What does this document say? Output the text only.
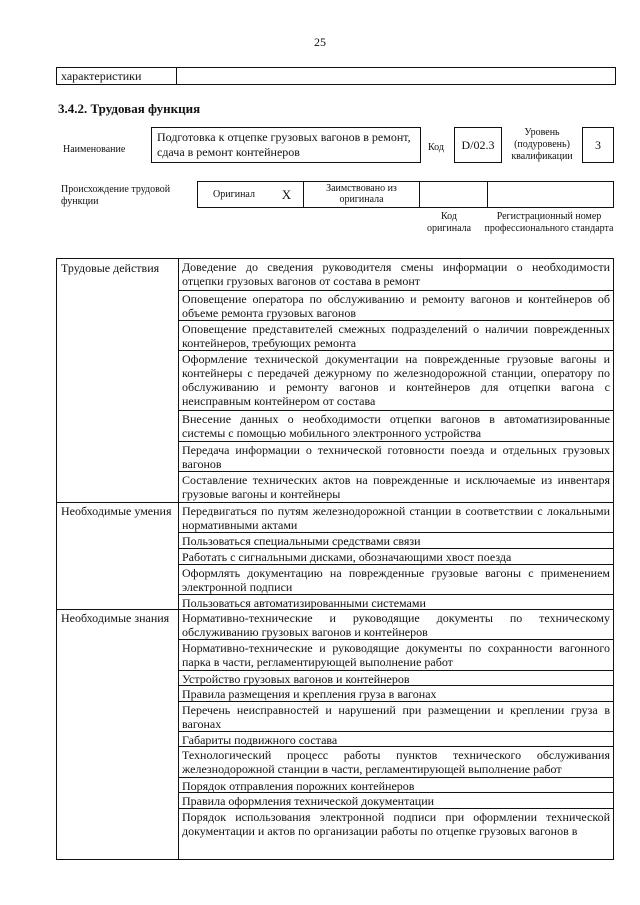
25
характеристики
3.4.2. Трудовая функция
Наименование
Подготовка к отцепке грузовых вагонов в ремонт, сдача в ремонт контейнеров	Код	D/02.3
Уровень (подуровень) квалификации
3
Происхождение трудовой функции
Оригинал	X	Заимствовано из оригинала
Код оригинала
Регистрационный номер профессионального стандарта
Трудовые действия	Доведение до сведения руководителя смены информации о необходимости отцепки грузовых вагонов от состава в ремонт
Оповещение оператора по обслуживанию и ремонту вагонов и контейнеров об объеме ремонта грузовых вагонов
Оповещение представителей смежных подразделений о наличии поврежденных контейнеров, требующих ремонта
Оформление технической документации на поврежденные грузовые вагоны и контейнеры с передачей дежурному по железнодорожной станции, оператору по обслуживанию и ремонту вагонов и контейнеров для отцепки вагона с неисправным контейнером от состава
Внесение данных о необходимости отцепки вагонов в автоматизированные системы с помощью мобильного электронного устройства
Передача информации о технической готовности поезда и отдельных грузовых вагонов
Составление технических актов на поврежденные и исключаемые из инвентаря грузовые вагоны и контейнеры
Необходимые умения Передвигаться по путям железнодорожной станции в соответствии с локальными нормативными актами
Пользоваться специальными средствами связи
Работать с сигнальными дисками, обозначающими хвост поезда
Оформлять документацию на поврежденные грузовые вагоны с применением электронной подписи
Пользоваться автоматизированными системами
Необходимые знания	Нормативно-технические и руководящие документы по техническому обслуживанию грузовых вагонов и контейнеров
Нормативно-технические и руководящие документы по сохранности вагонного парка в части, регламентирующей выполнение работ
Устройство грузовых вагонов и контейнеров
Правила размещения и крепления груза в вагонах
Перечень неисправностей и нарушений при размещении и креплении груза в вагонах
Габариты подвижного состава
Технологический процесс работы пунктов технического обслуживания железнодорожной станции в части, регламентирующей выполнение работ
Порядок отправления порожних контейнеров
Правила оформления технической документации
Порядок использования электронной подписи при оформлении технической документации и актов по организации работы по отцепке грузовых вагонов в
